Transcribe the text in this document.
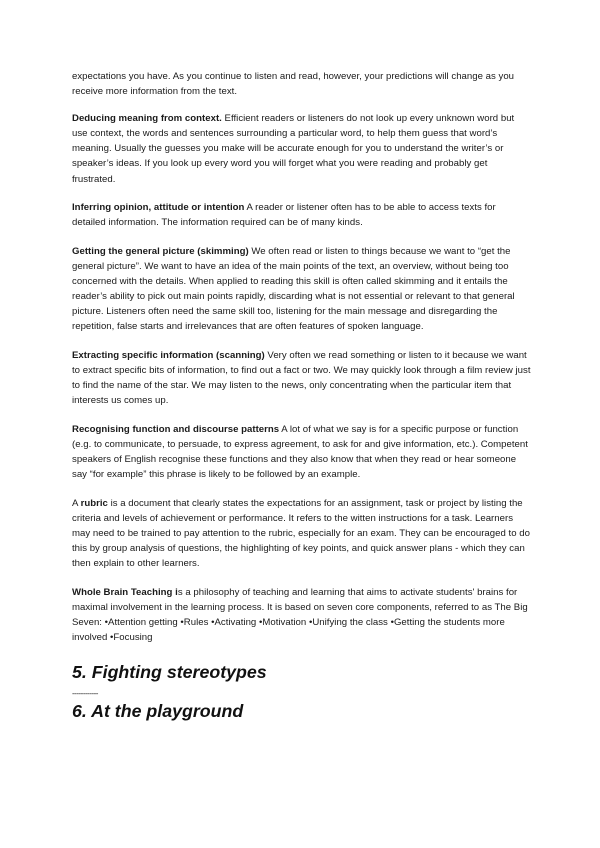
expectations you have. As you continue to listen and read, however, your predictions will change as you receive more information from the text.

Deducing meaning from context. Efficient readers or listeners do not look up every unknown word but use context, the words and sentences surrounding a particular word, to help them guess that word’s meaning. Usually the guesses you make will be accurate enough for you to understand the writer’s or speaker’s ideas. If you look up every word you will forget what you were reading and probably get frustrated.

Inferring opinion, attitude or intention A reader or listener often has to be able to access texts for detailed information. The information required can be of many kinds.

Getting the general picture (skimming) We often read or listen to things because we want to “get the general picture”. We want to have an idea of the main points of the text, an overview, without being too concerned with the details. When applied to reading this skill is often called skimming and it entails the reader’s ability to pick out main points rapidly, discarding what is not essential or relevant to that general picture. Listeners often need the same skill too, listening for the main message and disregarding the repetition, false starts and irrelevances that are often features of spoken language.

Extracting specific information (scanning) Very often we read something or listen to it because we want to extract specific bits of information, to find out a fact or two. We may quickly look through a film review just to find the name of the star. We may listen to the news, only concentrating when the particular item that interests us comes up.

Recognising function and discourse patterns A lot of what we say is for a specific purpose or function (e.g. to communicate, to persuade, to express agreement, to ask for and give information, etc.). Competent speakers of English recognise these functions and they also know that when they read or hear someone say “for example” this phrase is likely to be followed by an example.

A rubric is a document that clearly states the expectations for an assignment, task or project by listing the criteria and levels of achievement or performance. It refers to the witten instructions for a task. Learners may need to be trained to pay attention to the rubric, especially for an exam. They can be encouraged to do this by group analysis of questions, the highlighting of key points, and quick answer plans - which they can then explain to other learners.

Whole Brain Teaching is a philosophy of teaching and learning that aims to activate students' brains for maximal involvement in the learning process. It is based on seven core components, referred to as The Big Seven: •Attention getting •Rules •Activating •Motivation •Unifying the class •Getting the students more involved •Focusing

5. Fighting stereotypes
------------
6. At the playground
